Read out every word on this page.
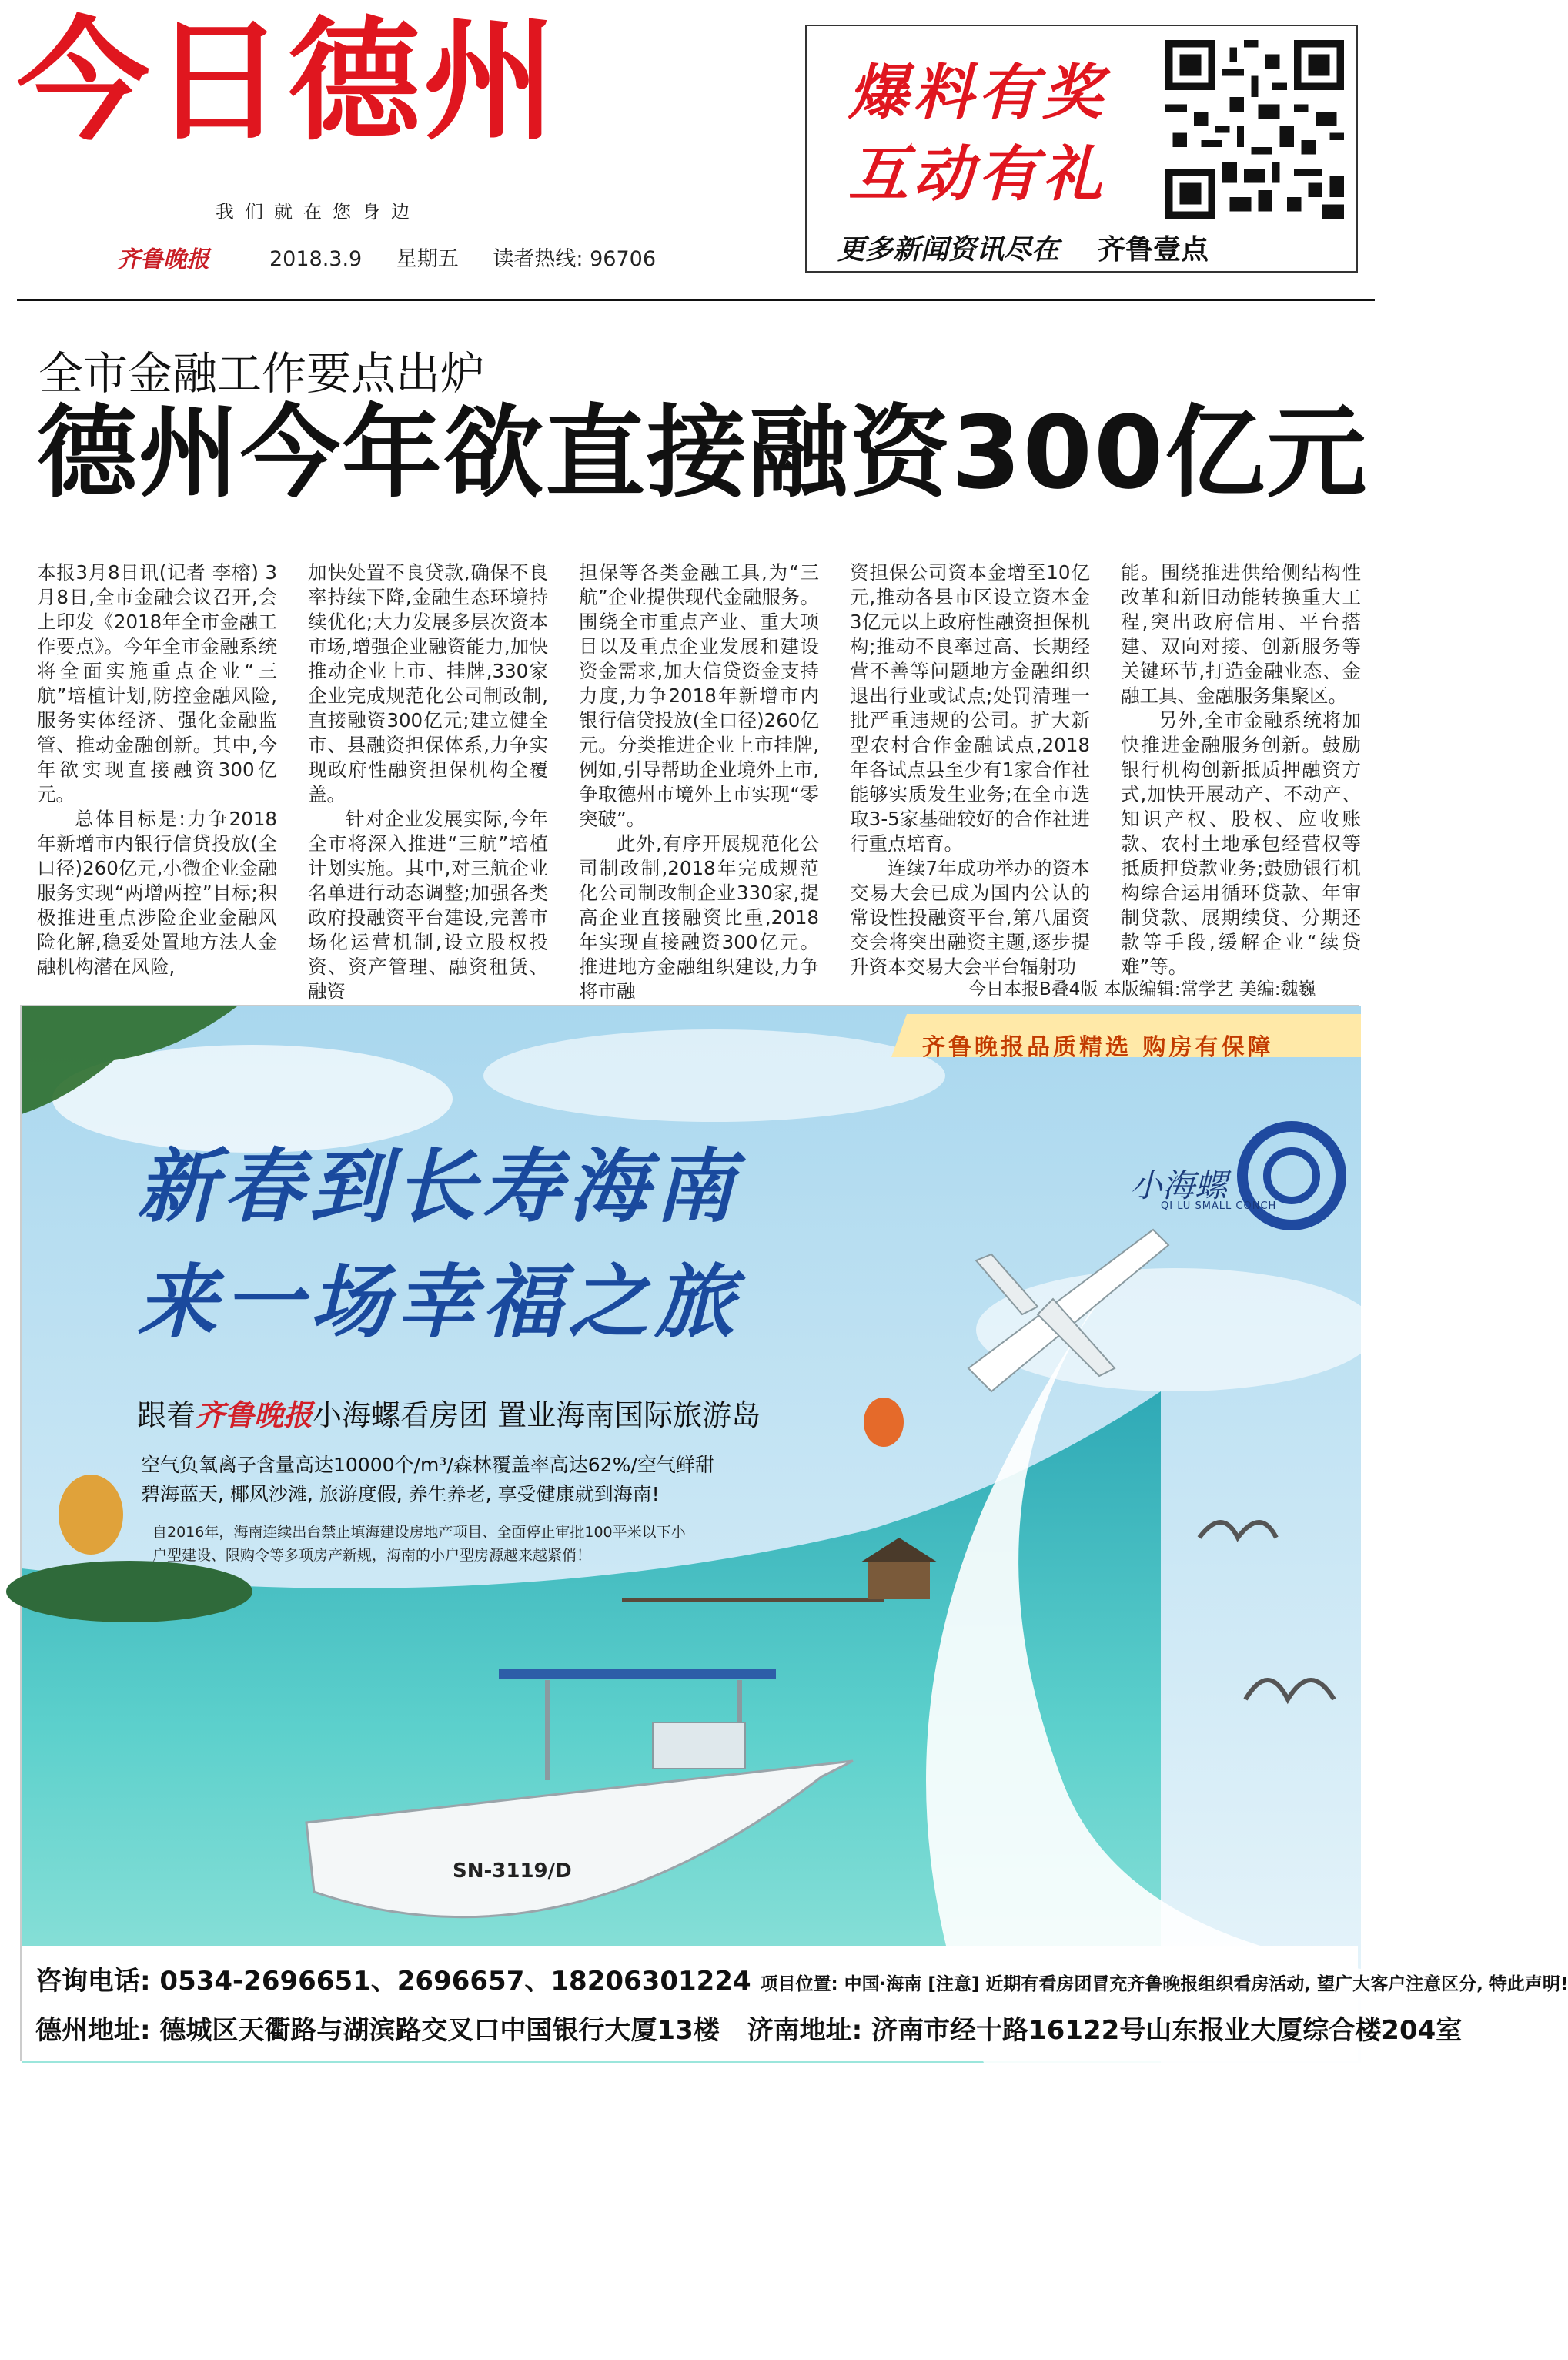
今日德州
我们就在您身边
齐鲁晚报	2018.3.9 星期五 读者热线: 96706
爆料有奖
互动有礼
更多新闻资讯尽在 齐鲁壹点
全市金融工作要点出炉
德州今年欲直接融资300亿元

本报3月8日讯(记者 李榕) 3月8日,全市金融会议召开,会上印发《2018年全市金融工作要点》。今年全市金融系统将全面实施重点企业“三航”培植计划,防控金融风险,服务实体经济、强化金融监管、推动金融创新。其中,今年欲实现直接融资300亿元。

总体目标是:力争2018年新增市内银行信贷投放(全口径)260亿元,小微企业金融服务实现“两增两控”目标;积极推进重点涉险企业金融风险化解,稳妥处置地方法人金融机构潜在风险,

加快处置不良贷款,确保不良率持续下降,金融生态环境持续优化;大力发展多层次资本市场,增强企业融资能力,加快推动企业上市、挂牌,330家企业完成规范化公司制改制,直接融资300亿元;建立健全市、县融资担保体系,力争实现政府性融资担保机构全覆盖。

针对企业发展实际,今年全市将深入推进“三航”培植计划实施。其中,对三航企业名单进行动态调整;加强各类政府投融资平台建设,完善市场化运营机制,设立股权投资、资产管理、融资租赁、融资

担保等各类金融工具,为“三航”企业提供现代金融服务。围绕全市重点产业、重大项目以及重点企业发展和建设资金需求,加大信贷资金支持力度,力争2018年新增市内银行信贷投放(全口径)260亿元。分类推进企业上市挂牌,例如,引导帮助企业境外上市,争取德州市境外上市实现“零突破”。

此外,有序开展规范化公司制改制,2018年完成规范化公司制改制企业330家,提高企业直接融资比重,2018年实现直接融资300亿元。推进地方金融组织建设,力争将市融

资担保公司资本金增至10亿元,推动各县市区设立资本金3亿元以上政府性融资担保机构;推动不良率过高、长期经营不善等问题地方金融组织退出行业或试点;处罚清理一批严重违规的公司。扩大新型农村合作金融试点,2018年各试点县至少有1家合作社能够实质发生业务;在全市选取3-5家基础较好的合作社进行重点培育。

连续7年成功举办的资本交易大会已成为国内公认的常设性投融资平台,第八届资交会将突出融资主题,逐步提升资本交易大会平台辐射功

能。围绕推进供给侧结构性改革和新旧动能转换重大工程,突出政府信用、平台搭建、双向对接、创新服务等关键环节,打造金融业态、金融工具、金融服务集聚区。

另外,全市金融系统将加快推进金融服务创新。鼓励银行机构创新抵质押融资方式,加快开展动产、不动产、知识产权、股权、应收账款、农村土地承包经营权等抵质押贷款业务;鼓励银行机构综合运用循环贷款、年审制贷款、展期续贷、分期还款等手段,缓解企业“续贷难”等。

今日本报B叠4版 本版编辑:常学艺 美编:魏巍
齐鲁晚报品质精选 购房有保障
新春到长寿海南
来一场幸福之旅
小海螺
QI LU SMALL CONCH
跟着齐鲁晚报小海螺看房团 置业海南国际旅游岛
空气负氧离子含量高达10000个/m³/森林覆盖率高达62%/空气鲜甜
碧海蓝天, 椰风沙滩, 旅游度假, 养生养老, 享受健康就到海南!
自2016年，海南连续出台禁止填海建设房地产项目、全面停止审批100平米以下小户型建设、限购令等多项房产新规，海南的小户型房源越来越紧俏！
SN-3119/D
咨询电话: 0534-2696651、2696657、18206301224 项目位置: 中国·海南 [注意] 近期有看房团冒充齐鲁晚报组织看房活动, 望广大客户注意区分, 特此声明!
德州地址: 德城区天衢路与湖滨路交叉口中国银行大厦13楼 济南地址: 济南市经十路16122号山东报业大厦综合楼204室
